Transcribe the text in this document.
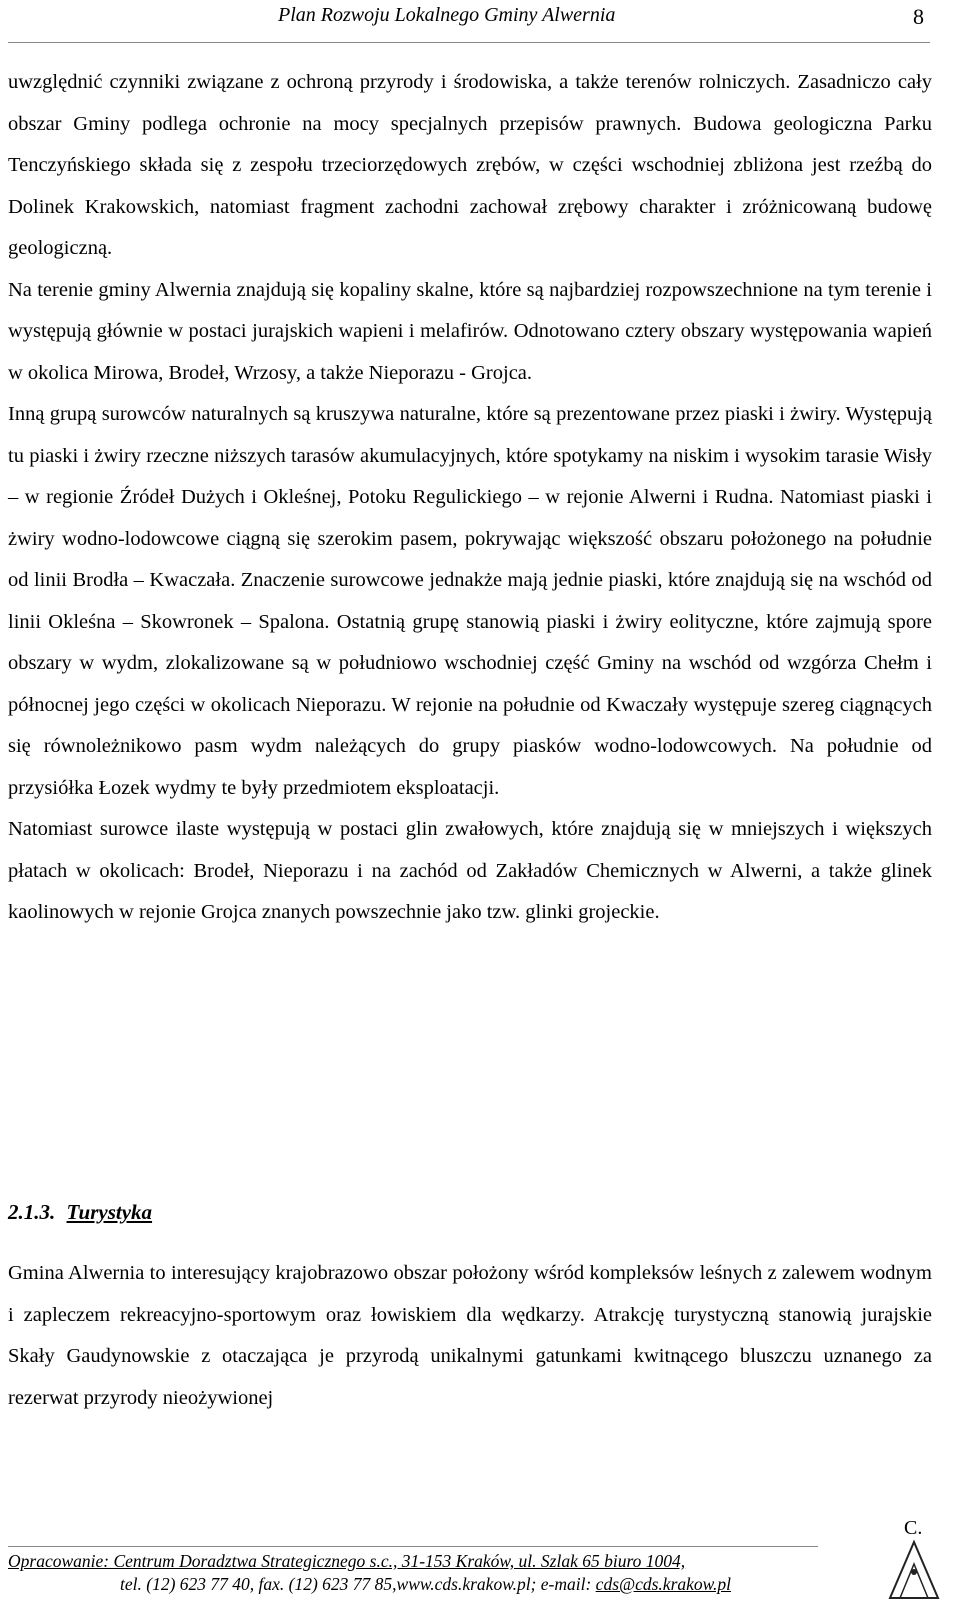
Plan Rozwoju Lokalnego Gminy Alwernia	8

uwzględnić czynniki związane z ochroną przyrody i środowiska, a także terenów rolniczych. Zasadniczo cały obszar Gminy podlega ochronie na mocy specjalnych przepisów prawnych. Budowa geologiczna Parku Tenczyńskiego składa się z zespołu trzeciorzędowych zrębów, w części wschodniej zbliżona jest rzeźbą do Dolinek Krakowskich, natomiast fragment zachodni zachował zrębowy charakter i zróżnicowaną budowę geologiczną.

Na terenie gminy Alwernia znajdują się kopaliny skalne, które są najbardziej rozpowszechnione na tym terenie i występują głównie w postaci jurajskich wapieni i melafirów. Odnotowano cztery obszary występowania wapień w okolica Mirowa, Brodeł, Wrzosy, a także Nieporazu - Grojca.

Inną grupą surowców naturalnych są kruszywa naturalne, które są prezentowane przez piaski i żwiry. Występują tu piaski i żwiry rzeczne niższych tarasów akumulacyjnych, które spotykamy na niskim i wysokim tarasie Wisły – w regionie Źródeł Dużych i Okleśnej, Potoku Regulickiego – w rejonie Alwerni i Rudna. Natomiast piaski i żwiry wodno-lodowcowe ciągną się szerokim pasem, pokrywając większość obszaru położonego na południe od linii Brodła – Kwaczała. Znaczenie surowcowe jednakże mają jednie piaski, które znajdują się na wschód od linii Okleśna – Skowronek – Spalona. Ostatnią grupę stanowią piaski i żwiry eolityczne, które zajmują spore obszary w wydm, zlokalizowane są w południowo wschodniej część Gminy na wschód od wzgórza Chełm i północnej jego części w okolicach Nieporazu. W rejonie na południe od Kwaczały występuje szereg ciągnących się równoleżnikowo pasm wydm należących do grupy piasków wodno-lodowcowych. Na południe od przysiółka Łozek wydmy te były przedmiotem eksploatacji.

Natomiast surowce ilaste występują w postaci glin zwałowych, które znajdują się w mniejszych i większych płatach w okolicach: Brodeł, Nieporazu i na zachód od Zakładów Chemicznych w Alwerni, a także glinek kaolinowych w rejonie Grojca znanych powszechnie jako tzw. glinki grojeckie.

2.1.3. Turystyka

Gmina Alwernia to interesujący krajobrazowo obszar położony wśród kompleksów leśnych z zalewem wodnym i zapleczem rekreacyjno-sportowym oraz łowiskiem dla wędkarzy. Atrakcję turystyczną stanowią jurajskie Skały Gaudynowskie z otaczająca je przyrodą unikalnymi gatunkami kwitnącego bluszczu uznanego za rezerwat przyrody nieożywionej

Opracowanie: Centrum Doradztwa Strategicznego s.c., 31-153 Kraków, ul. Szlak 65 biuro 1004,
tel. (12) 623 77 40, fax. (12) 623 77 85,www.cds.krakow.pl; e-mail: cds@cds.krakow.pl
C.
